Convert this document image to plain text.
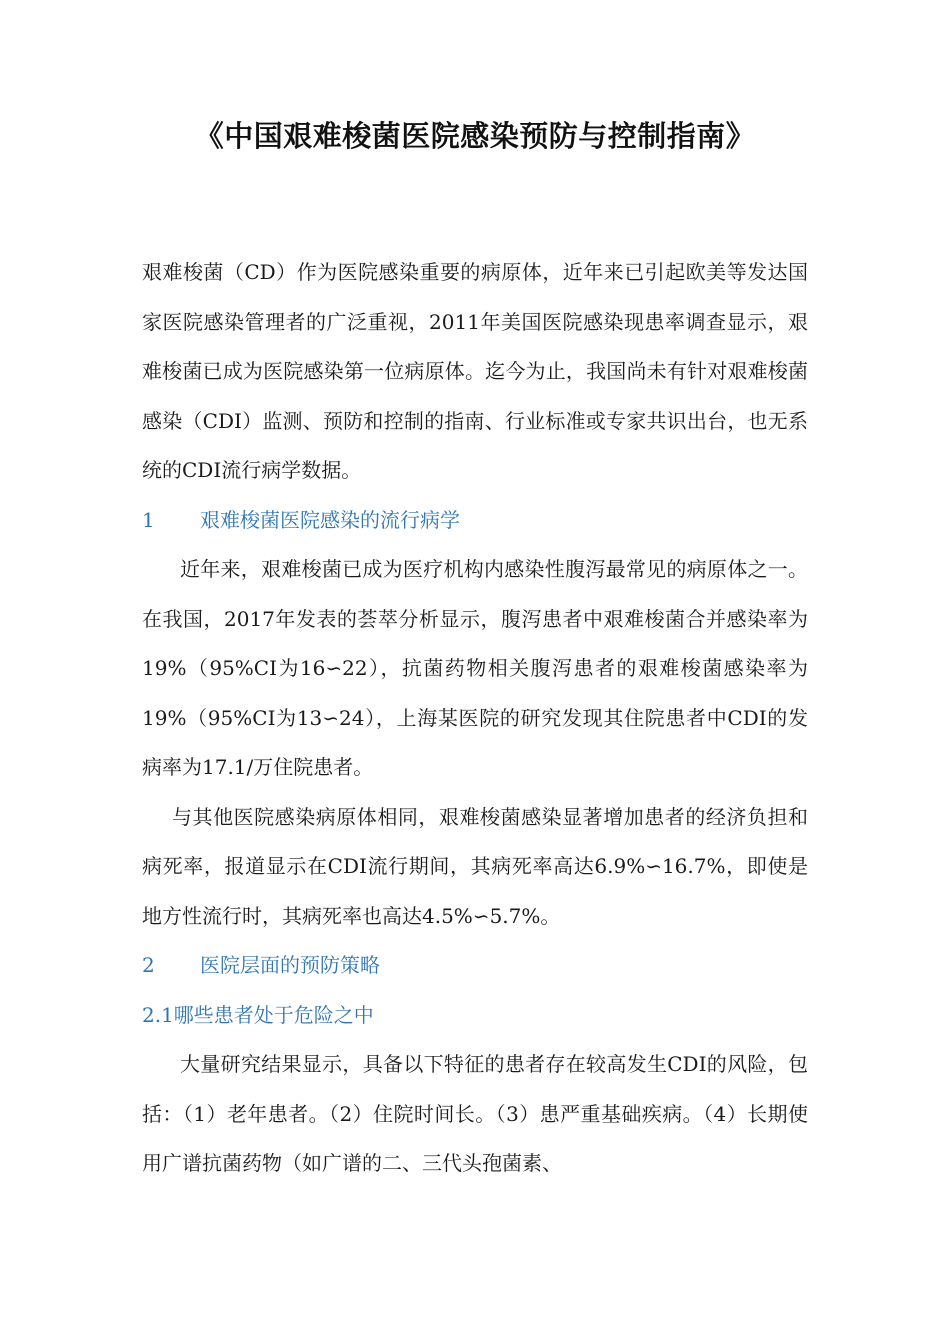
《中国艰难梭菌医院感染预防与控制指南》

艰难梭菌（CD）作为医院感染重要的病原体，近年来已引起欧美等发达国家医院感染管理者的广泛重视，2011年美国医院感染现患率调查显示，艰难梭菌已成为医院感染第一位病原体。迄今为止，我国尚未有针对艰难梭菌感染（CDI）监测、预防和控制的指南、行业标准或专家共识出台，也无系统的CDI流行病学数据。

1 艰难梭菌医院感染的流行病学

近年来，艰难梭菌已成为医疗机构内感染性腹泻最常见的病原体之一。在我国，2017年发表的荟萃分析显示，腹泻患者中艰难梭菌合并感染率为19%（95%CI为16∽22），抗菌药物相关腹泻患者的艰难梭菌感染率为19%（95%CI为13∽24），上海某医院的研究发现其住院患者中CDI的发病率为17.1/万住院患者。

与其他医院感染病原体相同，艰难梭菌感染显著增加患者的经济负担和病死率，报道显示在CDI流行期间，其病死率高达6.9%∽16.7%，即使是地方性流行时，其病死率也高达4.5%∽5.7%。

2 医院层面的预防策略

2.1哪些患者处于危险之中

大量研究结果显示，具备以下特征的患者存在较高发生CDI的风险，包括：（1）老年患者。（2）住院时间长。（3）患严重基础疾病。（4）长期使用广谱抗菌药物（如广谱的二、三代头孢菌素、
